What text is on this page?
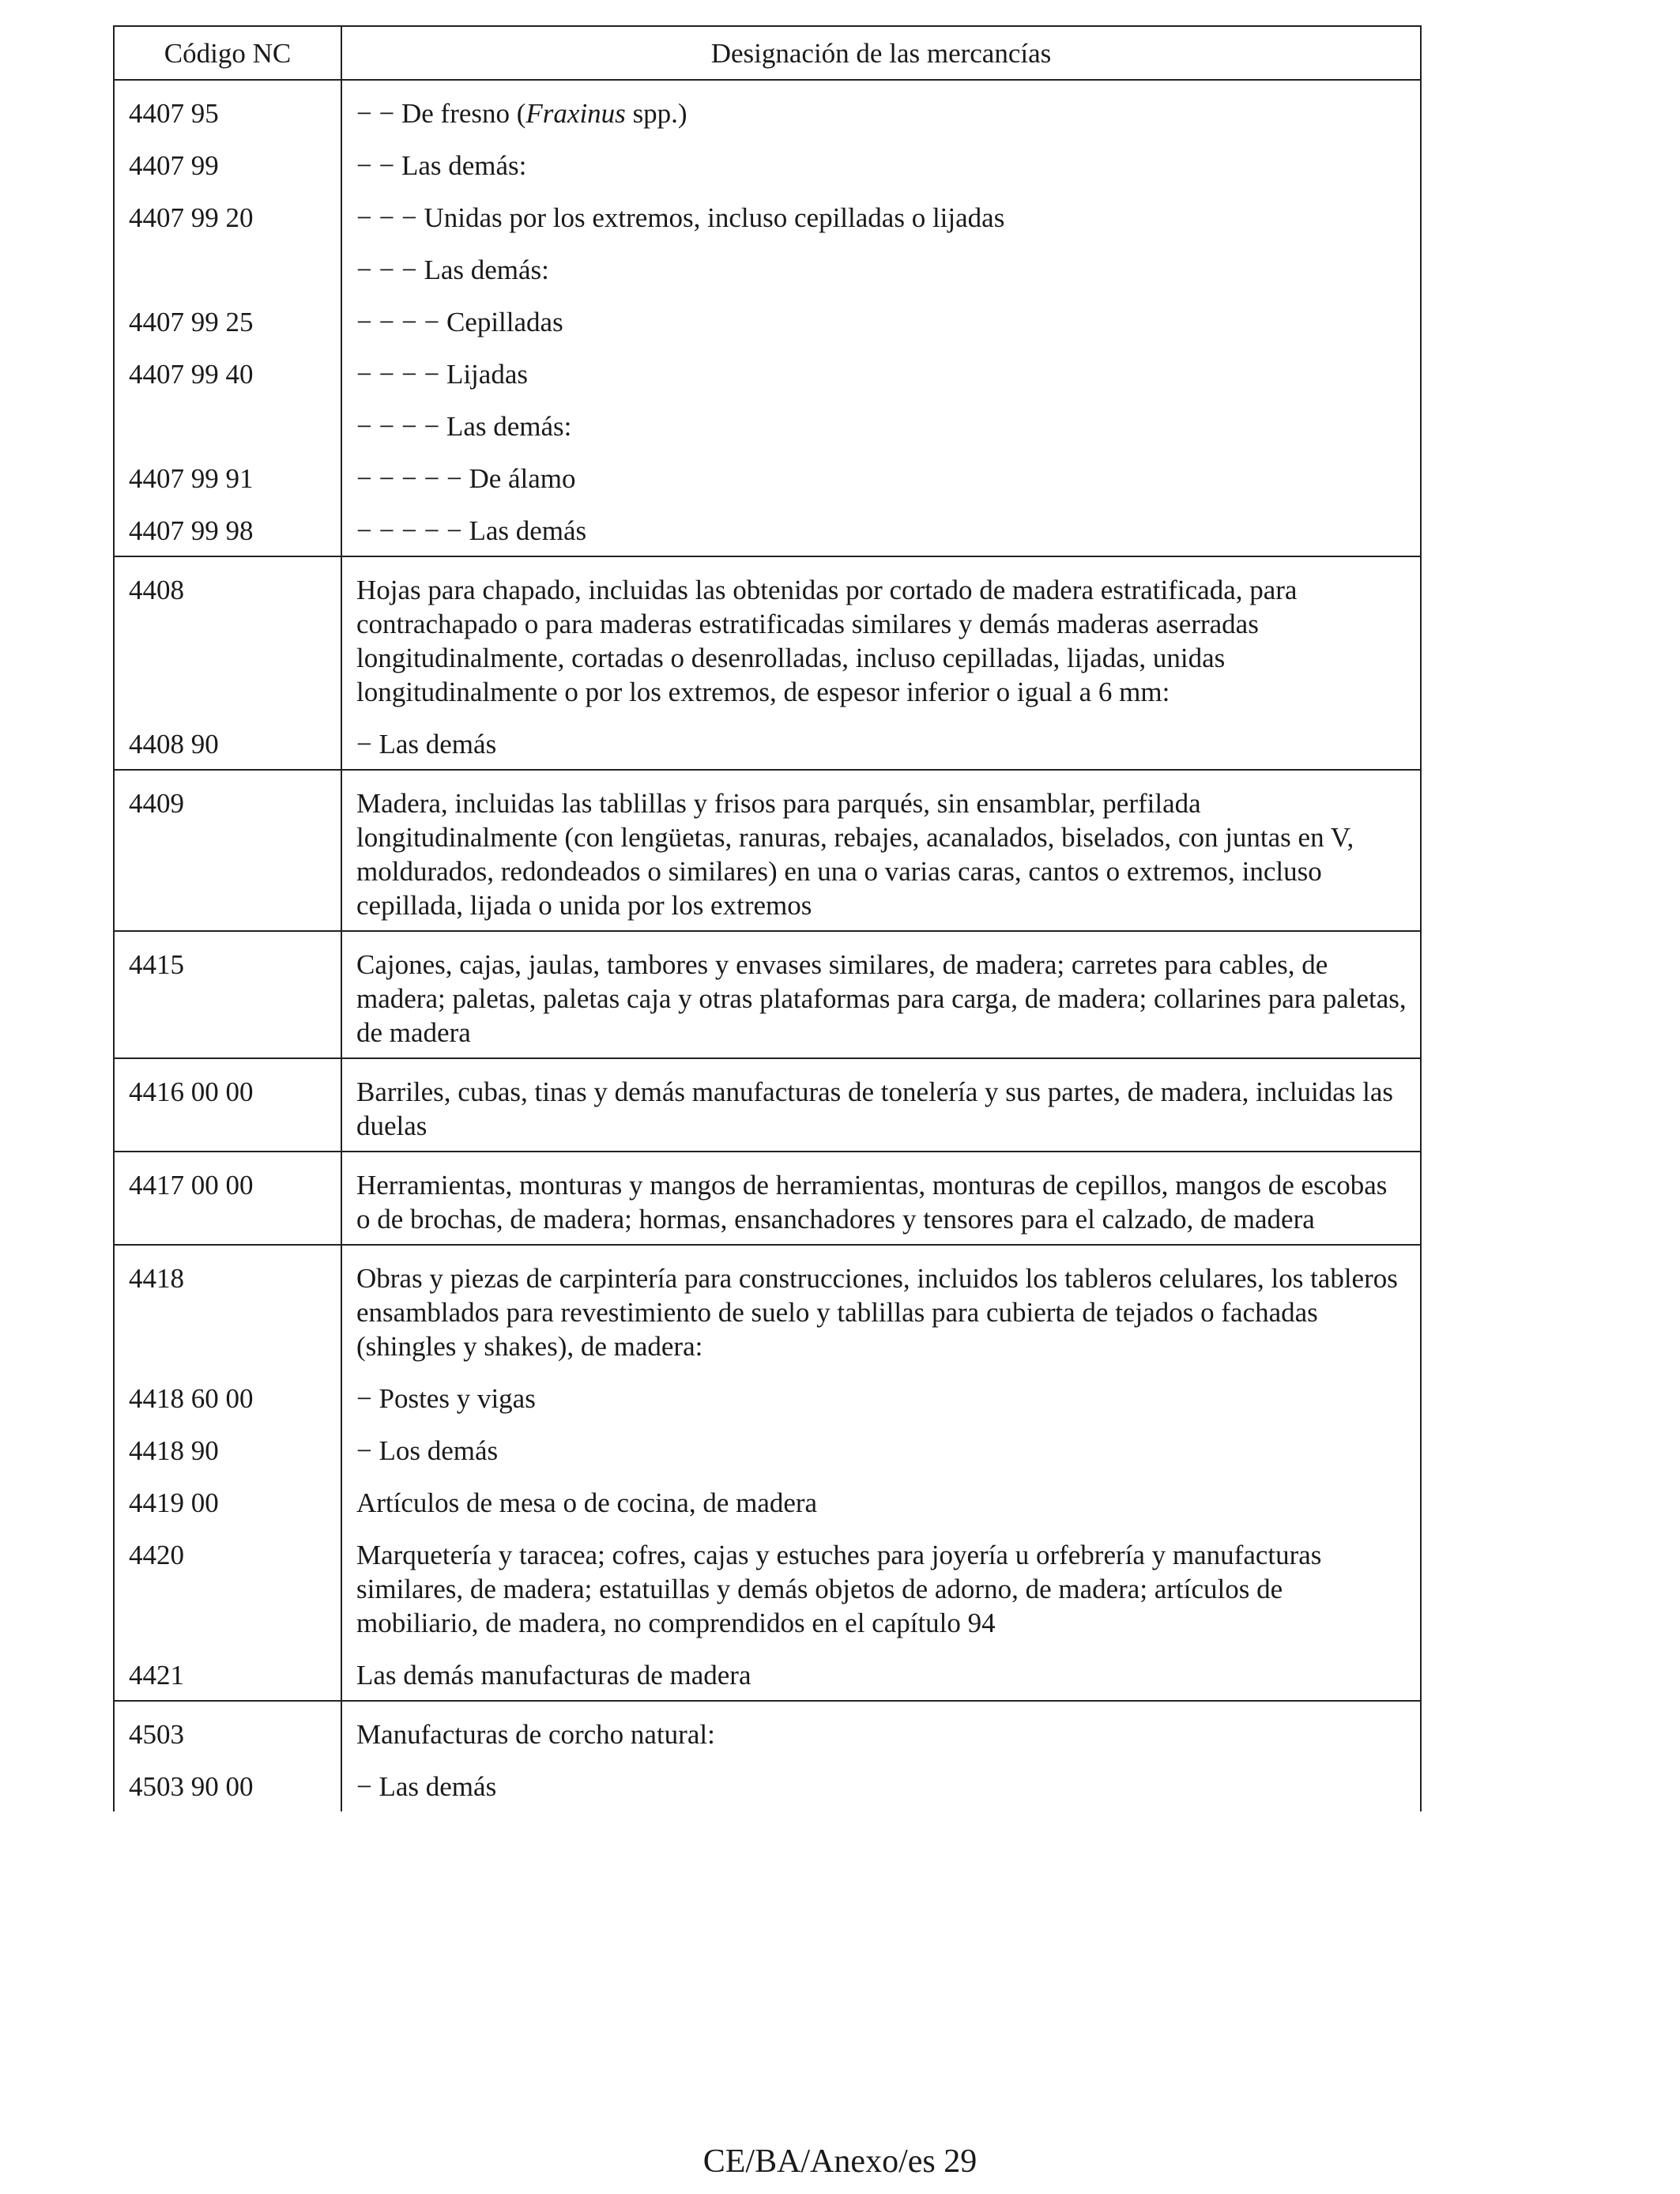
Código NC	Designación de las mercancías
4407 95	− − De fresno (Fraxinus spp.)
4407 99	− − Las demás:
4407 99 20	− − − Unidas por los extremos, incluso cepilladas o lijadas
	− − − Las demás:
4407 99 25	− − − − Cepilladas
4407 99 40	− − − − Lijadas
	− − − − Las demás:
4407 99 91	− − − − − De álamo
4407 99 98	− − − − − Las demás
4408	Hojas para chapado, incluidas las obtenidas por cortado de madera estratificada, para contrachapado o para maderas estratificadas similares y demás maderas aserradas longitudinalmente, cortadas o desenrolladas, incluso cepilladas, lijadas, unidas longitudinalmente o por los extremos, de espesor inferior o igual a 6 mm:
4408 90	− Las demás
4409	Madera, incluidas las tablillas y frisos para parqués, sin ensamblar, perfilada longitudinalmente (con lengüetas, ranuras, rebajes, acanalados, biselados, con juntas en V, moldurados, redondeados o similares) en una o varias caras, cantos o extremos, incluso cepillada, lijada o unida por los extremos
4415	Cajones, cajas, jaulas, tambores y envases similares, de madera; carretes para cables, de madera; paletas, paletas caja y otras plataformas para carga, de madera; collarines para paletas, de madera
4416 00 00	Barriles, cubas, tinas y demás manufacturas de tonelería y sus partes, de madera, incluidas las duelas
4417 00 00	Herramientas, monturas y mangos de herramientas, monturas de cepillos, mangos de escobas o de brochas, de madera; hormas, ensanchadores y tensores para el calzado, de madera
4418	Obras y piezas de carpintería para construcciones, incluidos los tableros celulares, los tableros ensamblados para revestimiento de suelo y tablillas para cubierta de tejados o fachadas (shingles y shakes), de madera:
4418 60 00	− Postes y vigas
4418 90	− Los demás
4419 00	Artículos de mesa o de cocina, de madera
4420	Marquetería y taracea; cofres, cajas y estuches para joyería u orfebrería y manufacturas similares, de madera; estatuillas y demás objetos de adorno, de madera; artículos de mobiliario, de madera, no comprendidos en el capítulo 94
4421	Las demás manufacturas de madera
4503	Manufacturas de corcho natural:
4503 90 00	− Las demás
CE/BA/Anexo/es 29
